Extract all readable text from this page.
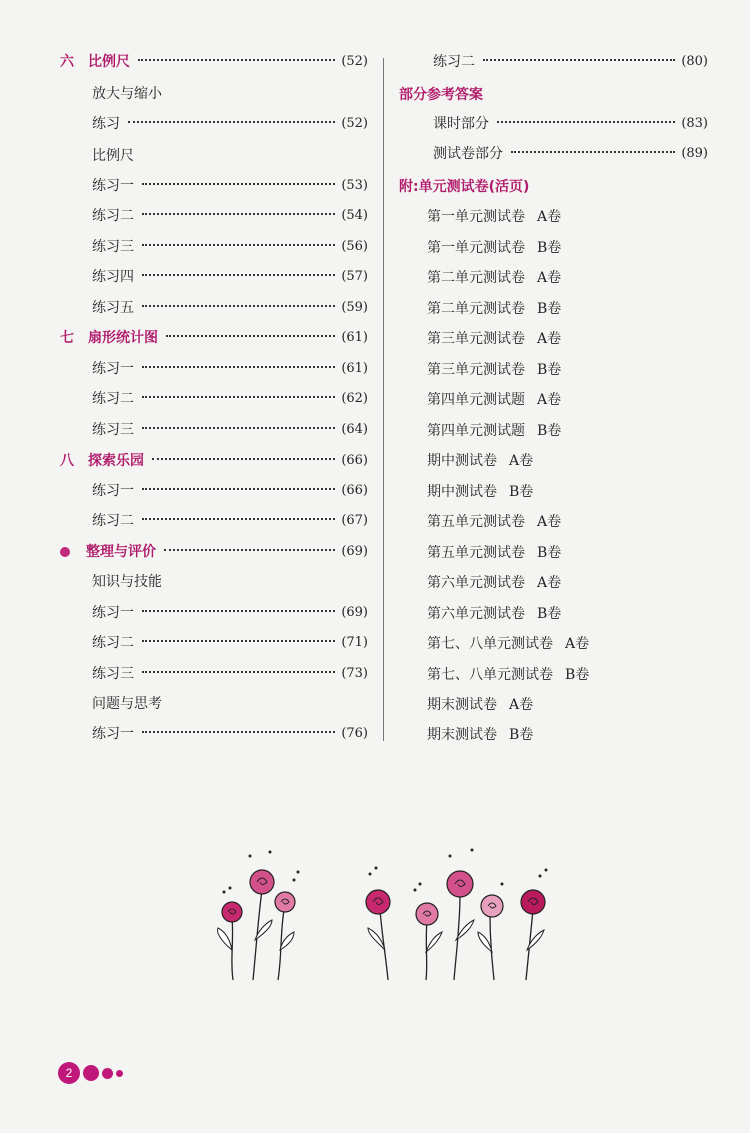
六	比例尺	(52)
放大与缩小
练习	(52)
比例尺
练习一	(53)
练习二	(54)
练习三	(56)
练习四	(57)
练习五	(59)
七	扇形统计图	(61)
练习一	(61)
练习二	(62)
练习三	(64)
八	探索乐园	(66)
练习一	(66)
练习二	(67)
整理与评价	(69)
知识与技能
练习一	(69)
练习二	(71)
练习三	(73)
问题与思考
练习一	(76)
练习二	(80)
部分参考答案
课时部分	(83)
测试卷部分	(89)
附:单元测试卷(活页)
第一单元测试卷 A卷
第一单元测试卷 B卷
第二单元测试卷 A卷
第二单元测试卷 B卷
第三单元测试卷 A卷
第三单元测试卷 B卷
第四单元测试题 A卷
第四单元测试题 B卷
期中测试卷 A卷
期中测试卷 B卷
第五单元测试卷 A卷
第五单元测试卷 B卷
第六单元测试卷 A卷
第六单元测试卷 B卷
第七、八单元测试卷 A卷
第七、八单元测试卷 B卷
期末测试卷 A卷
期末测试卷 B卷
2
